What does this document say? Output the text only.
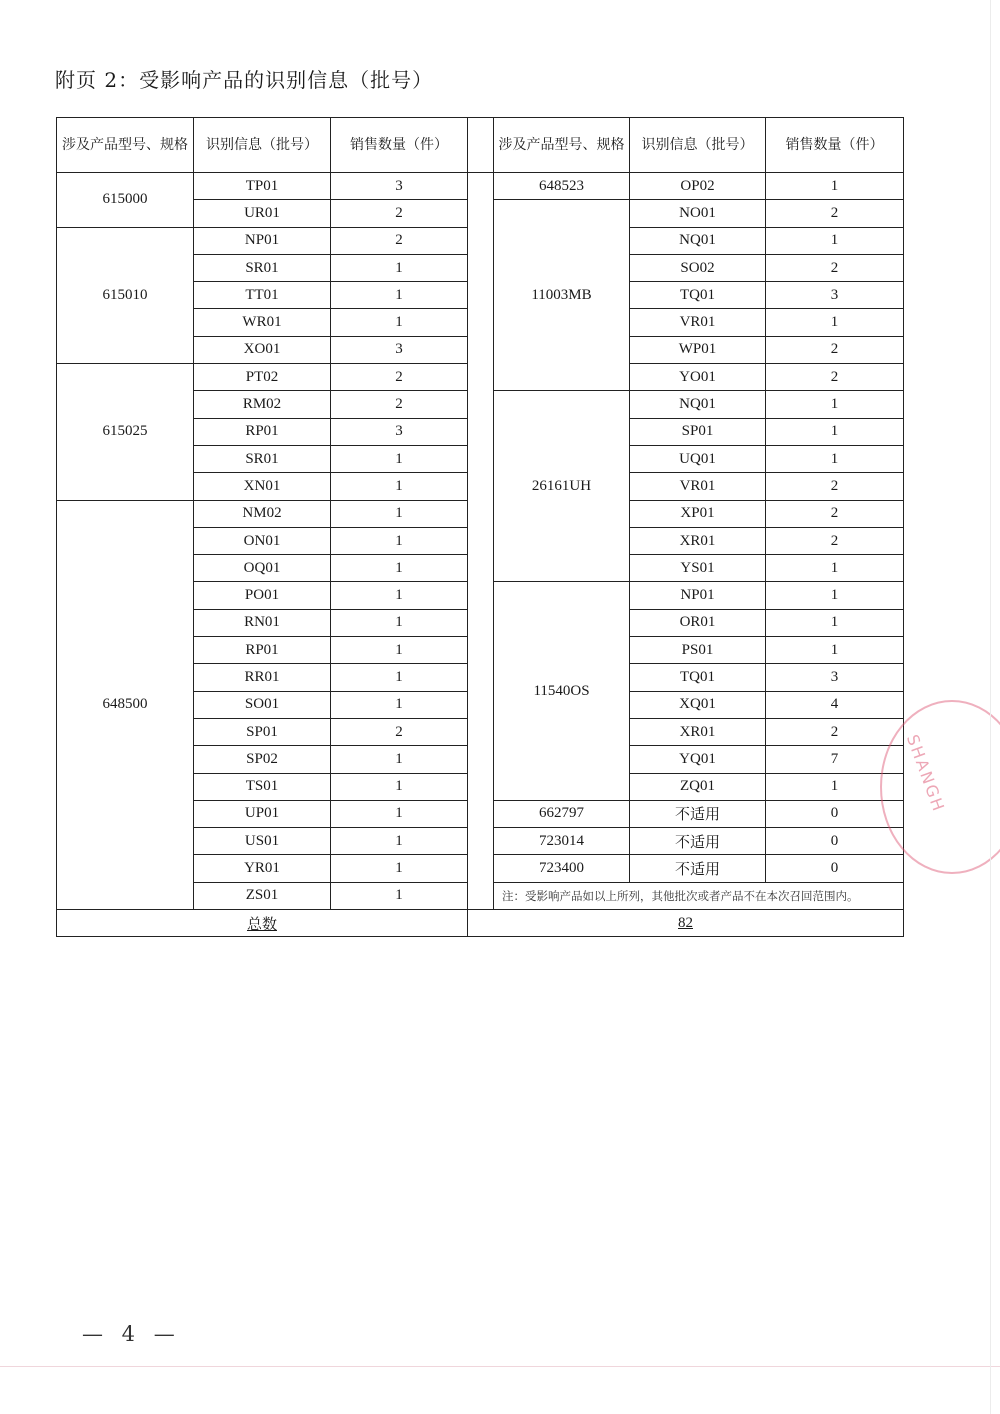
附页 2：受影响产品的识别信息（批号）
涉及产品型号、规格	识别信息（批号）	销售数量（件）		涉及产品型号、规格	识别信息（批号）	销售数量（件）
615000	TP01	3		648523	OP02	1
	UR01	2		11003MB	NO01	2
615010	NP01	2			NQ01	1
	SR01	1			SO02	2
	TT01	1			TQ01	3
	WR01	1			VR01	1
	XO01	3			WP01	2
615025	PT02	2			YO01	2
	RM02	2		26161UH	NQ01	1
	RP01	3			SP01	1
	SR01	1			UQ01	1
	XN01	1			VR01	2
648500	NM02	1			XP01	2
	ON01	1			XR01	2
	OQ01	1			YS01	1
	PO01	1		11540OS	NP01	1
	RN01	1			OR01	1
	RP01	1			PS01	1
	RR01	1			TQ01	3
	SO01	1			XQ01	4
	SP01	2			XR01	2
	SP02	1			YQ01	7
	TS01	1			ZQ01	1
	UP01	1		662797	不适用	0
	US01	1		723014	不适用	0
	YR01	1		723400	不适用	0
	ZS01	1		注：受影响产品如以上所列，其他批次或者产品不在本次召回范围内。		
总数			82			
SHANGH
— 4 —
